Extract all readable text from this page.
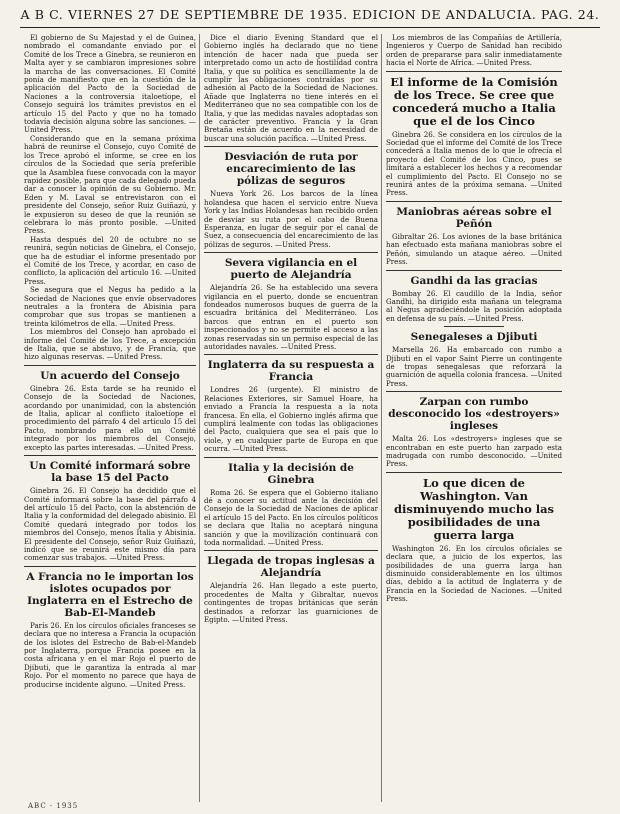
A B C. VIERNES 27 DE SEPTIEMBRE DE 1935. EDICION DE ANDALUCIA. PAG. 24.

El gobierno de Su Majestad y el de Guinea, nombrado el comandante enviado por el Comité de los Trece a Ginebra, se reunieron en Malta ayer y se cambiaron impresiones sobre la marcha de las conversaciones. El Comité ponía de manifiesto que en la cuestión de la aplicación del Pacto de la Sociedad de Naciones a la controversia italoetíope, el Consejo seguirá los trámites previstos en el artículo 15 del Pacto y que no ha tomado todavía decisión alguna sobre las sanciones. —United Press.

Considerando que en la semana próxima habrá de reunirse el Consejo, cuyo Comité de los Trece aprobó el informe, se cree en los círculos de la Sociedad que sería preferible que la Asamblea fuese convocada con la mayor rapidez posible, para que cada delegado pueda dar a conocer la opinión de su Gobierno. Mr. Eden y M. Laval se entrevistaron con el presidente del Consejo, señor Ruiz Guiñazú, y le expusieron su deseo de que la reunión se celebrara lo más pronto posible. —United Press.

Hasta después del 20 de octubre no se reunirá, según noticias de Ginebra, el Consejo, que ha de estudiar el informe presentado por el Comité de los Trece, y acordar, en caso de conflicto, la aplicación del artículo 16. —United Press.

Se asegura que el Negus ha pedido a la Sociedad de Naciones que envíe observadores neutrales a la frontera de Abisinia para comprobar que sus tropas se mantienen a treinta kilómetros de ella. —United Press.

Los miembros del Consejo han aprobado el informe del Comité de los Trece, a excepción de Italia, que se abstuvo, y de Francia, que hizo algunas reservas. —United Press.

Un acuerdo del Consejo

Ginebra 26. Esta tarde se ha reunido el Consejo de la Sociedad de Naciones, acordando por unanimidad, con la abstención de Italia, aplicar al conflicto italoetíope el procedimiento del párrafo 4 del artículo 15 del Pacto, nombrando para ello un Comité integrado por los miembros del Consejo, excepto las partes interesadas. —United Press.

Un Comité informará sobre la base 15 del Pacto

Ginebra 26. El Consejo ha decidido que el Comité informará sobre la base del párrafo 4 del artículo 15 del Pacto, con la abstención de Italia y la conformidad del delegado abisinio. El Comité quedará integrado por todos los miembros del Consejo, menos Italia y Abisinia. El presidente del Consejo, señor Ruiz Guiñazú, indicó que se reunirá este mismo día para comenzar sus trabajos. —United Press.

A Francia no le importan los islotes ocupados por Inglaterra en el Estrecho de Bab-El-Mandeb

París 26. En los círculos oficiales franceses se declara que no interesa a Francia la ocupación de los islotes del Estrecho de Bab-el-Mandeb por Inglaterra, porque Francia posee en la costa africana y en el mar Rojo el puerto de Djibuti, que le garantiza la entrada al mar Rojo. Por el momento no parece que haya de producirse incidente alguno. —United Press.

Dice el diario Evening Standard que el Gobierno inglés ha declarado que no tiene intención de hacer nada que pueda ser interpretado como un acto de hostilidad contra Italia, y que su política es sencillamente la de cumplir las obligaciones contraídas por su adhesión al Pacto de la Sociedad de Naciones. Añade que Inglaterra no tiene interés en el Mediterráneo que no sea compatible con los de Italia, y que las medidas navales adoptadas son de carácter preventivo. Francia y la Gran Bretaña están de acuerdo en la necesidad de buscar una solución pacífica. —United Press.

Desviación de ruta por encarecimiento de las pólizas de seguros

Nueva York 26. Los barcos de la línea holandesa que hacen el servicio entre Nueva York y las Indias Holandesas han recibido orden de desviar su ruta por el cabo de Buena Esperanza, en lugar de seguir por el canal de Suez, a consecuencia del encarecimiento de las pólizas de seguros. —United Press.

Severa vigilancia en el puerto de Alejandría

Alejandría 26. Se ha establecido una severa vigilancia en el puerto, donde se encuentran fondeados numerosos buques de guerra de la escuadra británica del Mediterráneo. Los barcos que entran en el puerto son inspeccionados y no se permite el acceso a las zonas reservadas sin un permiso especial de las autoridades navales. —United Press.

Inglaterra da su respuesta a Francia

Londres 26 (urgente). El ministro de Relaciones Exteriores, sir Samuel Hoare, ha enviado a Francia la respuesta a la nota francesa. En ella, el Gobierno inglés afirma que cumplirá lealmente con todas las obligaciones del Pacto, cualquiera que sea el país que lo viole, y en cualquier parte de Europa en que ocurra. —United Press.

Italia y la decisión de Ginebra

Roma 26. Se espera que el Gobierno italiano dé a conocer su actitud ante la decisión del Consejo de la Sociedad de Naciones de aplicar el artículo 15 del Pacto. En los círculos políticos se declara que Italia no aceptará ninguna sanción y que la movilización continuará con toda normalidad. —United Press.

Llegada de tropas inglesas a Alejandría

Alejandría 26. Han llegado a este puerto, procedentes de Malta y Gibraltar, nuevos contingentes de tropas británicas que serán destinados a reforzar las guarniciones de Egipto. —United Press.

Los miembros de las Compañías de Artillería, Ingenieros y Cuerpo de Sanidad han recibido orden de prepararse para salir inmediatamente hacia el Norte de Africa. —United Press.

El informe de la Comisión de los Trece. Se cree que concederá mucho a Italia que el de los Cinco

Ginebra 26. Se considera en los círculos de la Sociedad que el informe del Comité de los Trece concederá a Italia menos de lo que le ofrecía el proyecto del Comité de los Cinco, pues se limitará a establecer los hechos y a recomendar el cumplimiento del Pacto. El Consejo no se reunirá antes de la próxima semana. —United Press.

Maniobras aéreas sobre el Peñón

Gibraltar 26. Los aviones de la base británica han efectuado esta mañana maniobras sobre el Peñón, simulando un ataque aéreo. —United Press.

Gandhi da las gracias

Bombay 26. El caudillo de la India, señor Gandhi, ha dirigido esta mañana un telegrama al Negus agradeciéndole la posición adoptada en defensa de su país. —United Press.

Senegaleses a Djibuti

Marsella 26. Ha embarcado con rumbo a Djibuti en el vapor Saint Pierre un contingente de tropas senegalesas que reforzará la guarnición de aquella colonia francesa. —United Press.

Zarpan con rumbo desconocido los «destroyers» ingleses

Malta 26. Los «destroyers» ingleses que se encontraban en este puerto han zarpado esta madrugada con rumbo desconocido. —United Press.

Lo que dicen de Washington. Van disminuyendo mucho las posibilidades de una guerra larga

Washington 26. En los círculos oficiales se declara que, a juicio de los expertos, las posibilidades de una guerra larga han disminuido considerablemente en los últimos días, debido a la actitud de Inglaterra y de Francia en la Sociedad de Naciones. —United Press.

ABC · 1935
